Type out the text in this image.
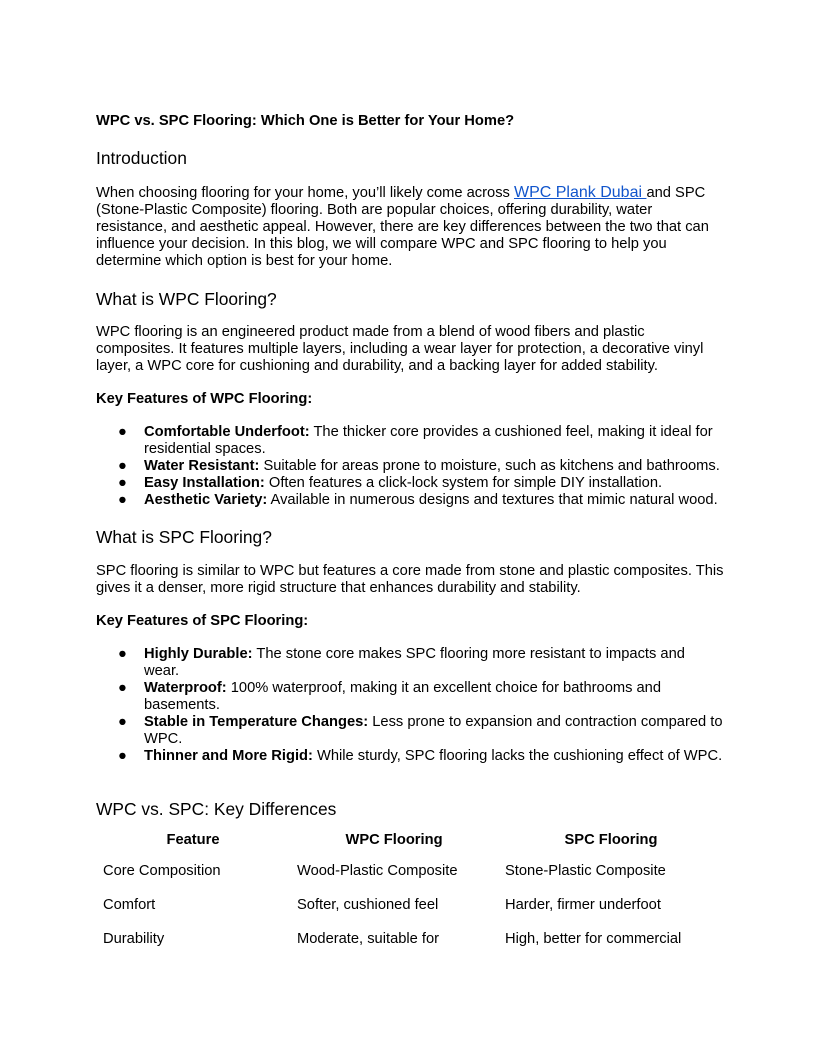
WPC vs. SPC Flooring: Which One is Better for Your Home?
Introduction

When choosing flooring for your home, you’ll likely come across WPC Plank Dubai and SPC (Stone-Plastic Composite) flooring. Both are popular choices, offering durability, water resistance, and aesthetic appeal. However, there are key differences between the two that can influence your decision. In this blog, we will compare WPC and SPC flooring to help you determine which option is best for your home.

What is WPC Flooring?

WPC flooring is an engineered product made from a blend of wood fibers and plastic composites. It features multiple layers, including a wear layer for protection, a decorative vinyl layer, a WPC core for cushioning and durability, and a backing layer for added stability.

Key Features of WPC Flooring:
● Comfortable Underfoot: The thicker core provides a cushioned feel, making it ideal for residential spaces.
● Water Resistant: Suitable for areas prone to moisture, such as kitchens and bathrooms.
● Easy Installation: Often features a click-lock system for simple DIY installation.
● Aesthetic Variety: Available in numerous designs and textures that mimic natural wood.
What is SPC Flooring?

SPC flooring is similar to WPC but features a core made from stone and plastic composites. This gives it a denser, more rigid structure that enhances durability and stability.

Key Features of SPC Flooring:
● Highly Durable: The stone core makes SPC flooring more resistant to impacts and wear.
● Waterproof: 100% waterproof, making it an excellent choice for bathrooms and basements.
● Stable in Temperature Changes: Less prone to expansion and contraction compared to WPC.
● Thinner and More Rigid: While sturdy, SPC flooring lacks the cushioning effect of WPC.
WPC vs. SPC: Key Differences
Feature	WPC Flooring	SPC Flooring
Core Composition	Wood-Plastic Composite	Stone-Plastic Composite
Comfort	Softer, cushioned feel	Harder, firmer underfoot
Durability	Moderate, suitable for	High, better for commercial
